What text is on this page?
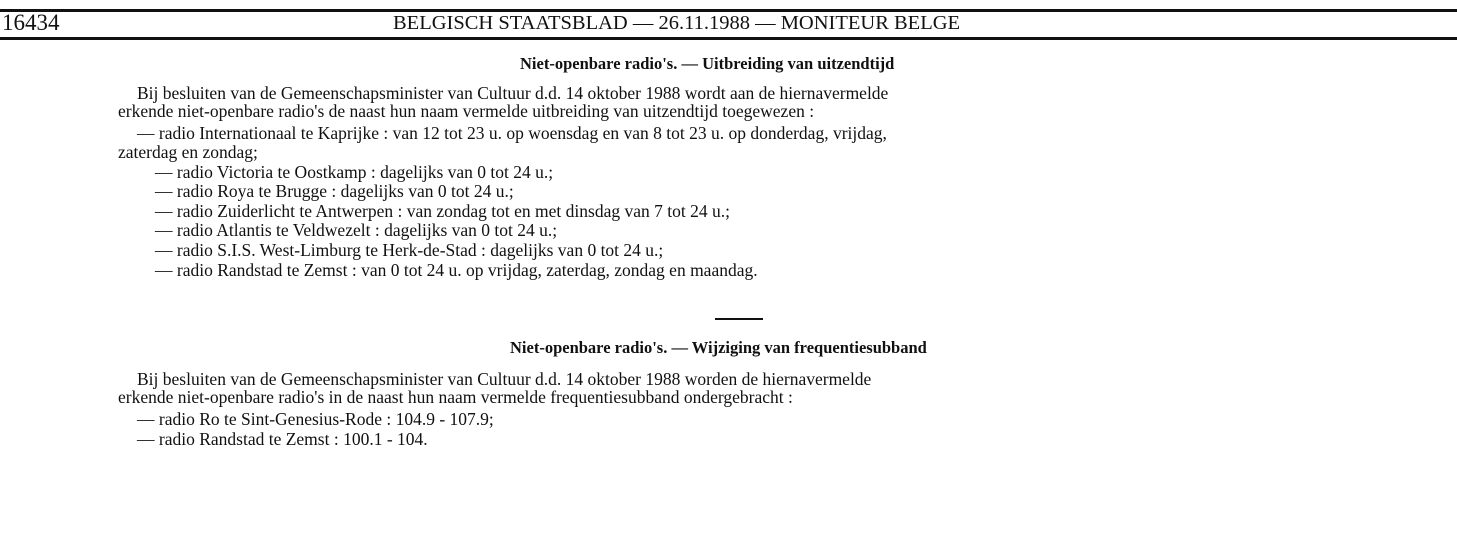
16434	BELGISCH STAATSBLAD — 26.11.1988 — MONITEUR BELGE
Niet-openbare radio's. — Uitbreiding van uitzendtijd
Bij besluiten van de Gemeenschapsminister van Cultuur d.d. 14 oktober 1988 wordt aan de hiernavermelde
erkende niet-openbare radio's de naast hun naam vermelde uitbreiding van uitzendtijd toegewezen :
— radio Internationaal te Kaprijke : van 12 tot 23 u. op woensdag en van 8 tot 23 u. op donderdag, vrijdag,
zaterdag en zondag;
— radio Victoria te Oostkamp : dagelijks van 0 tot 24 u.;
— radio Roya te Brugge : dagelijks van 0 tot 24 u.;
— radio Zuiderlicht te Antwerpen : van zondag tot en met dinsdag van 7 tot 24 u.;
— radio Atlantis te Veldwezelt : dagelijks van 0 tot 24 u.;
— radio S.I.S. West-Limburg te Herk-de-Stad : dagelijks van 0 tot 24 u.;
— radio Randstad te Zemst : van 0 tot 24 u. op vrijdag, zaterdag, zondag en maandag.
Niet-openbare radio's. — Wijziging van frequentiesubband
Bij besluiten van de Gemeenschapsminister van Cultuur d.d. 14 oktober 1988 worden de hiernavermelde
erkende niet-openbare radio's in de naast hun naam vermelde frequentiesubband ondergebracht :
— radio Ro te Sint-Genesius-Rode : 104.9 - 107.9;
— radio Randstad te Zemst : 100.1 - 104.
